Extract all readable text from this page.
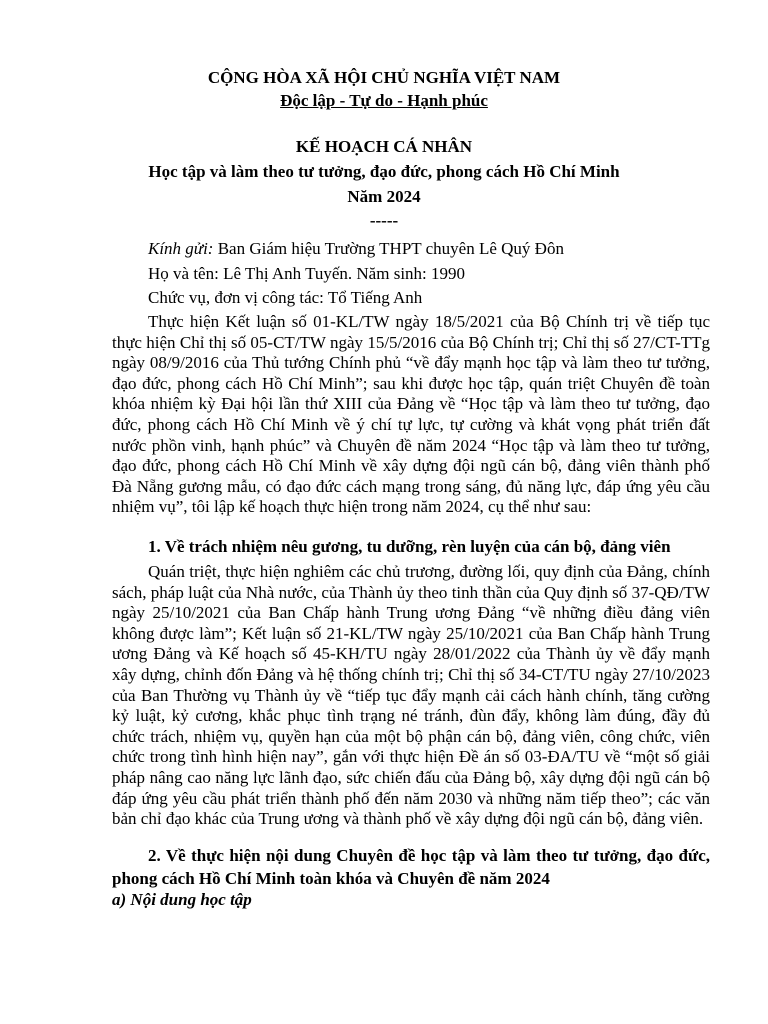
CỘNG HÒA XÃ HỘI CHỦ NGHĨA VIỆT NAM
Độc lập - Tự do - Hạnh phúc
KẾ HOẠCH CÁ NHÂN
Học tập và làm theo tư tưởng, đạo đức, phong cách Hồ Chí Minh
Năm 2024
-----
Kính gửi: Ban Giám hiệu Trường THPT chuyên Lê Quý Đôn
Họ và tên: Lê Thị Anh Tuyến. Năm sinh: 1990
Chức vụ, đơn vị công tác: Tổ Tiếng Anh
Thực hiện Kết luận số 01-KL/TW ngày 18/5/2021 của Bộ Chính trị về tiếp tục thực hiện Chỉ thị số 05-CT/TW ngày 15/5/2016 của Bộ Chính trị; Chỉ thị số 27/CT-TTg ngày 08/9/2016 của Thủ tướng Chính phủ “về đẩy mạnh học tập và làm theo tư tưởng, đạo đức, phong cách Hồ Chí Minh”; sau khi được học tập, quán triệt Chuyên đề toàn khóa nhiệm kỳ Đại hội lần thứ XIII của Đảng về “Học tập và làm theo tư tưởng, đạo đức, phong cách Hồ Chí Minh về ý chí tự lực, tự cường và khát vọng phát triển đất nước phồn vinh, hạnh phúc” và Chuyên đề năm 2024 “Học tập và làm theo tư tưởng, đạo đức, phong cách Hồ Chí Minh về xây dựng đội ngũ cán bộ, đảng viên thành phố Đà Nẵng gương mẫu, có đạo đức cách mạng trong sáng, đủ năng lực, đáp ứng yêu cầu nhiệm vụ”, tôi lập kế hoạch thực hiện trong năm 2024, cụ thể như sau:
1. Về trách nhiệm nêu gương, tu dưỡng, rèn luyện của cán bộ, đảng viên
Quán triệt, thực hiện nghiêm các chủ trương, đường lối, quy định của Đảng, chính sách, pháp luật của Nhà nước, của Thành ủy theo tinh thần của Quy định số 37-QĐ/TW ngày 25/10/2021 của Ban Chấp hành Trung ương Đảng “về những điều đảng viên không được làm”; Kết luận số 21-KL/TW ngày 25/10/2021 của Ban Chấp hành Trung ương Đảng và Kế hoạch số 45-KH/TU ngày 28/01/2022 của Thành ủy về đẩy mạnh xây dựng, chỉnh đốn Đảng và hệ thống chính trị; Chỉ thị số 34-CT/TU ngày 27/10/2023 của Ban Thường vụ Thành ủy về “tiếp tục đẩy mạnh cải cách hành chính, tăng cường kỷ luật, kỷ cương, khắc phục tình trạng né tránh, đùn đẩy, không làm đúng, đầy đủ chức trách, nhiệm vụ, quyền hạn của một bộ phận cán bộ, đảng viên, công chức, viên chức trong tình hình hiện nay”, gắn với thực hiện Đề án số 03-ĐA/TU về “một số giải pháp nâng cao năng lực lãnh đạo, sức chiến đấu của Đảng bộ, xây dựng đội ngũ cán bộ đáp ứng yêu cầu phát triển thành phố đến năm 2030 và những năm tiếp theo”; các văn bản chỉ đạo khác của Trung ương và thành phố về xây dựng đội ngũ cán bộ, đảng viên.
2. Về thực hiện nội dung Chuyên đề học tập và làm theo tư tưởng, đạo đức, phong cách Hồ Chí Minh toàn khóa và Chuyên đề năm 2024
a) Nội dung học tập
